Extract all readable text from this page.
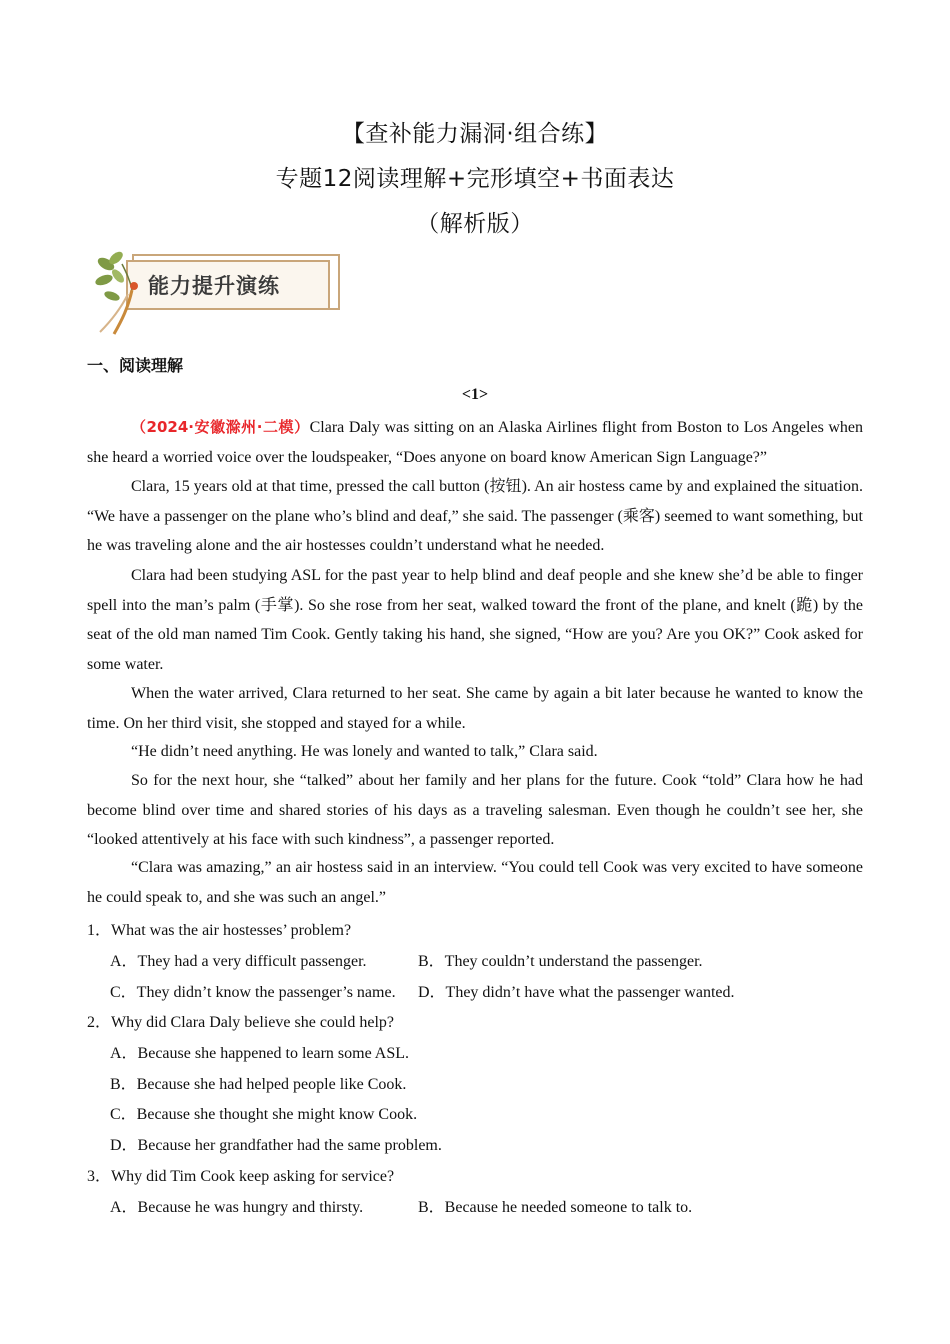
【查补能力漏洞·组合练】
专题12阅读理解+完形填空+书面表达
（解析版）
能力提升演练
一、阅读理解
<1>

（2024·安徽滁州·二模）Clara Daly was sitting on an Alaska Airlines flight from Boston to Los Angeles when she heard a worried voice over the loudspeaker, “Does anyone on board know American Sign Language?”

Clara, 15 years old at that time, pressed the call button (按钮). An air hostess came by and explained the situation. “We have a passenger on the plane who’s blind and deaf,” she said. The passenger (乘客) seemed to want something, but he was traveling alone and the air hostesses couldn’t understand what he needed.

Clara had been studying ASL for the past year to help blind and deaf people and she knew she’d be able to finger spell into the man’s palm (手掌). So she rose from her seat, walked toward the front of the plane, and knelt (跪) by the seat of the old man named Tim Cook. Gently taking his hand, she signed, “How are you? Are you OK?” Cook asked for some water.

When the water arrived, Clara returned to her seat. She came by again a bit later because he wanted to know the time. On her third visit, she stopped and stayed for a while.

“He didn’t need anything. He was lonely and wanted to talk,” Clara said.

So for the next hour, she “talked” about her family and her plans for the future. Cook “told” Clara how he had become blind over time and shared stories of his days as a traveling salesman. Even though he couldn’t see her, she “looked attentively at his face with such kindness”, a passenger reported.

“Clara was amazing,” an air hostess said in an interview. “You could tell Cook was very excited to have someone he could speak to, and she was such an angel.”

1．What was the air hostesses’ problem?
A．They had a very difficult passenger.	B．They couldn’t understand the passenger.
C．They didn’t know the passenger’s name. D．They didn’t have what the passenger wanted.
2．Why did Clara Daly believe she could help?
A．Because she happened to learn some ASL.
B．Because she had helped people like Cook.
C．Because she thought she might know Cook.
D．Because her grandfather had the same problem.
3．Why did Tim Cook keep asking for service?
A．Because he was hungry and thirsty.	B．Because he needed someone to talk to.
